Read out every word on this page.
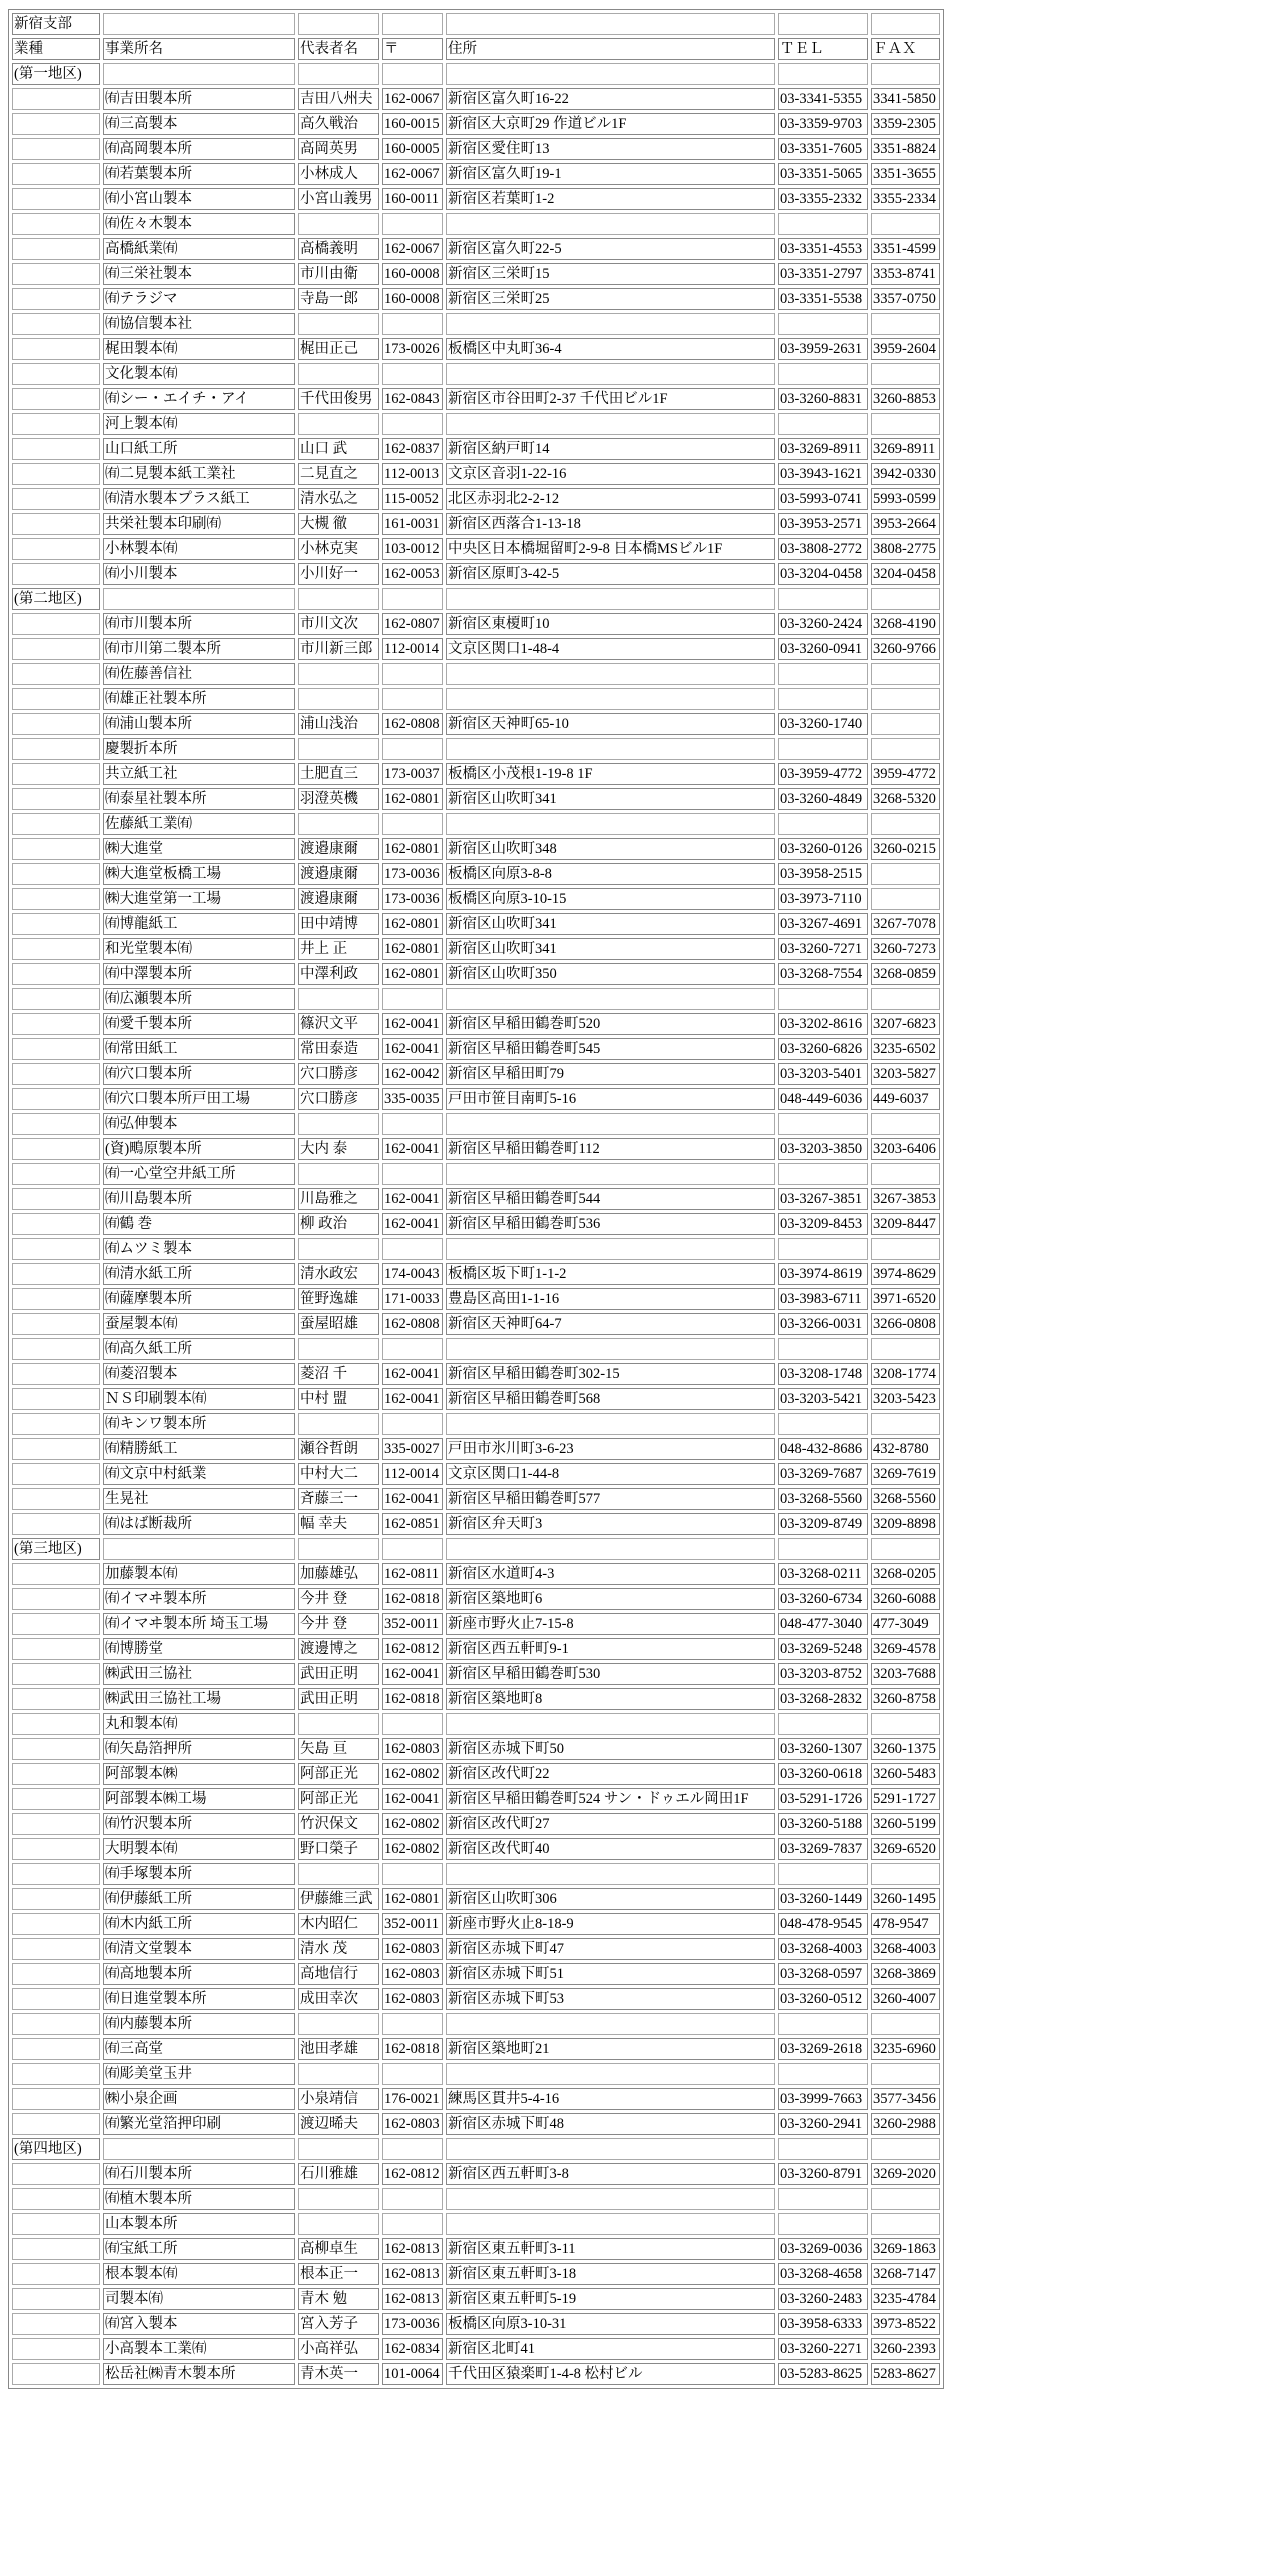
新宿支部						
業種	事業所名	代表者名	〒	住所	ＴＥＬ	ＦＡＸ
(第一地区)						
	㈲吉田製本所	吉田八州夫	162-0067	新宿区富久町16-22	03-3341-5355	3341-5850
	㈲三高製本	高久戦治	160-0015	新宿区大京町29 作道ビル1F	03-3359-9703	3359-2305
	㈲高岡製本所	高岡英男	160-0005	新宿区愛住町13	03-3351-7605	3351-8824
	㈲若葉製本所	小林成人	162-0067	新宿区富久町19-1	03-3351-5065	3351-3655
	㈲小宮山製本	小宮山義男	160-0011	新宿区若葉町1-2	03-3355-2332	3355-2334
	㈲佐々木製本					
	高橋紙業㈲	高橋義明	162-0067	新宿区富久町22-5	03-3351-4553	3351-4599
	㈲三栄社製本	市川由衛	160-0008	新宿区三栄町15	03-3351-2797	3353-8741
	㈲テラジマ	寺島一郎	160-0008	新宿区三栄町25	03-3351-5538	3357-0750
	㈲協信製本社					
	梶田製本㈲	梶田正己	173-0026	板橋区中丸町36-4	03-3959-2631	3959-2604
	文化製本㈲					
	㈲シー・エイチ・アイ	千代田俊男	162-0843	新宿区市谷田町2-37 千代田ビル1F	03-3260-8831	3260-8853
	河上製本㈲					
	山口紙工所	山口 武	162-0837	新宿区納戸町14	03-3269-8911	3269-8911
	㈲二見製本紙工業社	二見直之	112-0013	文京区音羽1-22-16	03-3943-1621	3942-0330
	㈲清水製本プラス紙工	清水弘之	115-0052	北区赤羽北2-2-12	03-5993-0741	5993-0599
	共栄社製本印刷㈲	大槻 徹	161-0031	新宿区西落合1-13-18	03-3953-2571	3953-2664
	小林製本㈲	小林克実	103-0012	中央区日本橋堀留町2-9-8 日本橋MSビル1F	03-3808-2772	3808-2775
	㈲小川製本	小川好一	162-0053	新宿区原町3-42-5	03-3204-0458	3204-0458
(第二地区)						
	㈲市川製本所	市川文次	162-0807	新宿区東榎町10	03-3260-2424	3268-4190
	㈲市川第二製本所	市川新三郎	112-0014	文京区関口1-48-4	03-3260-0941	3260-9766
	㈲佐藤善信社					
	㈲雄正社製本所					
	㈲浦山製本所	浦山浅治	162-0808	新宿区天神町65-10	03-3260-1740	
	慶製折本所					
	共立紙工社	土肥直三	173-0037	板橋区小茂根1-19-8 1F	03-3959-4772	3959-4772
	㈲泰星社製本所	羽澄英機	162-0801	新宿区山吹町341	03-3260-4849	3268-5320
	佐藤紙工業㈲					
	㈱大進堂	渡邉康爾	162-0801	新宿区山吹町348	03-3260-0126	3260-0215
	㈱大進堂板橋工場	渡邉康爾	173-0036	板橋区向原3-8-8	03-3958-2515	
	㈱大進堂第一工場	渡邉康爾	173-0036	板橋区向原3-10-15	03-3973-7110	
	㈲博龍紙工	田中靖博	162-0801	新宿区山吹町341	03-3267-4691	3267-7078
	和光堂製本㈲	井上 正	162-0801	新宿区山吹町341	03-3260-7271	3260-7273
	㈲中澤製本所	中澤利政	162-0801	新宿区山吹町350	03-3268-7554	3268-0859
	㈲広瀬製本所					
	㈲愛千製本所	篠沢文平	162-0041	新宿区早稲田鶴巻町520	03-3202-8616	3207-6823
	㈲常田紙工	常田泰造	162-0041	新宿区早稲田鶴巻町545	03-3260-6826	3235-6502
	㈲穴口製本所	穴口勝彦	162-0042	新宿区早稲田町79	03-3203-5401	3203-5827
	㈲穴口製本所戸田工場	穴口勝彦	335-0035	戸田市笹目南町5-16	048-449-6036	449-6037
	㈲弘伸製本					
	(資)鴫原製本所	大内 泰	162-0041	新宿区早稲田鶴巻町112	03-3203-3850	3203-6406
	㈲一心堂空井紙工所					
	㈲川島製本所	川島雅之	162-0041	新宿区早稲田鶴巻町544	03-3267-3851	3267-3853
	㈲鶴 巻	柳 政治	162-0041	新宿区早稲田鶴巻町536	03-3209-8453	3209-8447
	㈲ムツミ製本					
	㈲清水紙工所	清水政宏	174-0043	板橋区坂下町1-1-2	03-3974-8619	3974-8629
	㈲薩摩製本所	笹野逸雄	171-0033	豊島区高田1-1-16	03-3983-6711	3971-6520
	蚕屋製本㈲	蚕屋昭雄	162-0808	新宿区天神町64-7	03-3266-0031	3266-0808
	㈲高久紙工所					
	㈲菱沼製本	菱沼 千	162-0041	新宿区早稲田鶴巻町302-15	03-3208-1748	3208-1774
	ＮＳ印刷製本㈲	中村 盟	162-0041	新宿区早稲田鶴巻町568	03-3203-5421	3203-5423
	㈲キンワ製本所					
	㈲精勝紙工	瀬谷哲朗	335-0027	戸田市氷川町3-6-23	048-432-8686	432-8780
	㈲文京中村紙業	中村大二	112-0014	文京区関口1-44-8	03-3269-7687	3269-7619
	生晃社	斉藤三一	162-0041	新宿区早稲田鶴巻町577	03-3268-5560	3268-5560
	㈲はば断裁所	幅 幸夫	162-0851	新宿区弁天町3	03-3209-8749	3209-8898
(第三地区)						
	加藤製本㈲	加藤雄弘	162-0811	新宿区水道町4-3	03-3268-0211	3268-0205
	㈲イマヰ製本所	今井 登	162-0818	新宿区築地町6	03-3260-6734	3260-6088
	㈲イマヰ製本所 埼玉工場	今井 登	352-0011	新座市野火止7-15-8	048-477-3040	477-3049
	㈲博勝堂	渡邊博之	162-0812	新宿区西五軒町9-1	03-3269-5248	3269-4578
	㈱武田三協社	武田正明	162-0041	新宿区早稲田鶴巻町530	03-3203-8752	3203-7688
	㈱武田三協社工場	武田正明	162-0818	新宿区築地町8	03-3268-2832	3260-8758
	丸和製本㈲					
	㈲矢島箔押所	矢島 亘	162-0803	新宿区赤城下町50	03-3260-1307	3260-1375
	阿部製本㈱	阿部正光	162-0802	新宿区改代町22	03-3260-0618	3260-5483
	阿部製本㈱工場	阿部正光	162-0041	新宿区早稲田鶴巻町524 サン・ドゥエル岡田1F	03-5291-1726	5291-1727
	㈲竹沢製本所	竹沢保文	162-0802	新宿区改代町27	03-3260-5188	3260-5199
	大明製本㈲	野口榮子	162-0802	新宿区改代町40	03-3269-7837	3269-6520
	㈲手塚製本所					
	㈲伊藤紙工所	伊藤維三武	162-0801	新宿区山吹町306	03-3260-1449	3260-1495
	㈲木内紙工所	木内昭仁	352-0011	新座市野火止8-18-9	048-478-9545	478-9547
	㈲清文堂製本	清水 茂	162-0803	新宿区赤城下町47	03-3268-4003	3268-4003
	㈲高地製本所	高地信行	162-0803	新宿区赤城下町51	03-3268-0597	3268-3869
	㈲日進堂製本所	成田幸次	162-0803	新宿区赤城下町53	03-3260-0512	3260-4007
	㈲内藤製本所					
	㈲三高堂	池田孝雄	162-0818	新宿区築地町21	03-3269-2618	3235-6960
	㈲彫美堂玉井					
	㈱小泉企画	小泉靖信	176-0021	練馬区貫井5-4-16	03-3999-7663	3577-3456
	㈲繁光堂箔押印刷	渡辺晞夫	162-0803	新宿区赤城下町48	03-3260-2941	3260-2988
(第四地区)						
	㈲石川製本所	石川雅雄	162-0812	新宿区西五軒町3-8	03-3260-8791	3269-2020
	㈲植木製本所					
	山本製本所					
	㈲宝紙工所	高柳卓生	162-0813	新宿区東五軒町3-11	03-3269-0036	3269-1863
	根本製本㈲	根本正一	162-0813	新宿区東五軒町3-18	03-3268-4658	3268-7147
	司製本㈲	青木 勉	162-0813	新宿区東五軒町5-19	03-3260-2483	3235-4784
	㈲宮入製本	宮入芳子	173-0036	板橋区向原3-10-31	03-3958-6333	3973-8522
	小高製本工業㈲	小高祥弘	162-0834	新宿区北町41	03-3260-2271	3260-2393
	松岳社㈱青木製本所	青木英一	101-0064	千代田区猿楽町1-4-8 松村ビル	03-5283-8625	5283-8627
